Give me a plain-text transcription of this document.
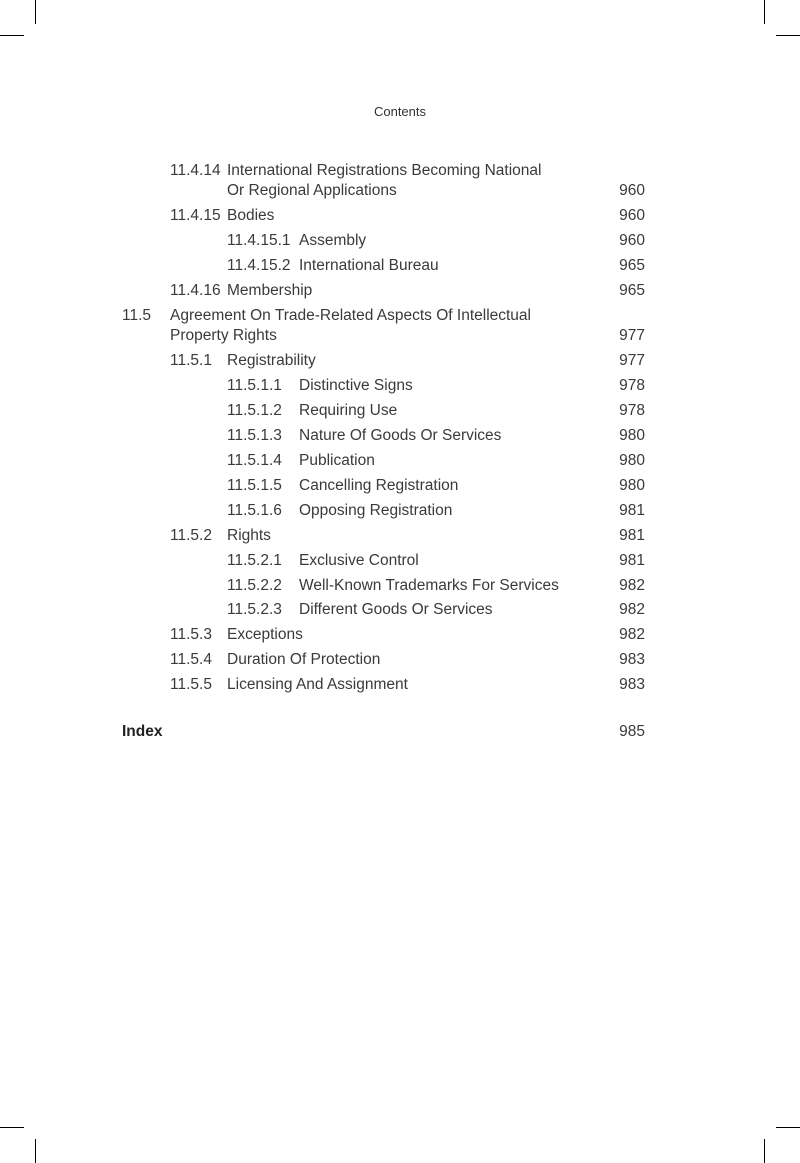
Contents
11.4.14 International Registrations Becoming National
Or Regional Applications	960
11.4.15 Bodies	960
11.4.15.1 Assembly	960
11.4.15.2 International Bureau	965
11.4.16 Membership	965
11.5 Agreement On Trade-Related Aspects Of Intellectual
Property Rights	977
11.5.1 Registrability	977
11.5.1.1 Distinctive Signs	978
11.5.1.2 Requiring Use	978
11.5.1.3 Nature Of Goods Or Services	980
11.5.1.4 Publication	980
11.5.1.5 Cancelling Registration	980
11.5.1.6 Opposing Registration	981
11.5.2 Rights	981
11.5.2.1 Exclusive Control	981
11.5.2.2 Well-Known Trademarks For Services	982
11.5.2.3 Different Goods Or Services	982
11.5.3 Exceptions	982
11.5.4 Duration Of Protection	983
11.5.5 Licensing And Assignment	983
Index	985
